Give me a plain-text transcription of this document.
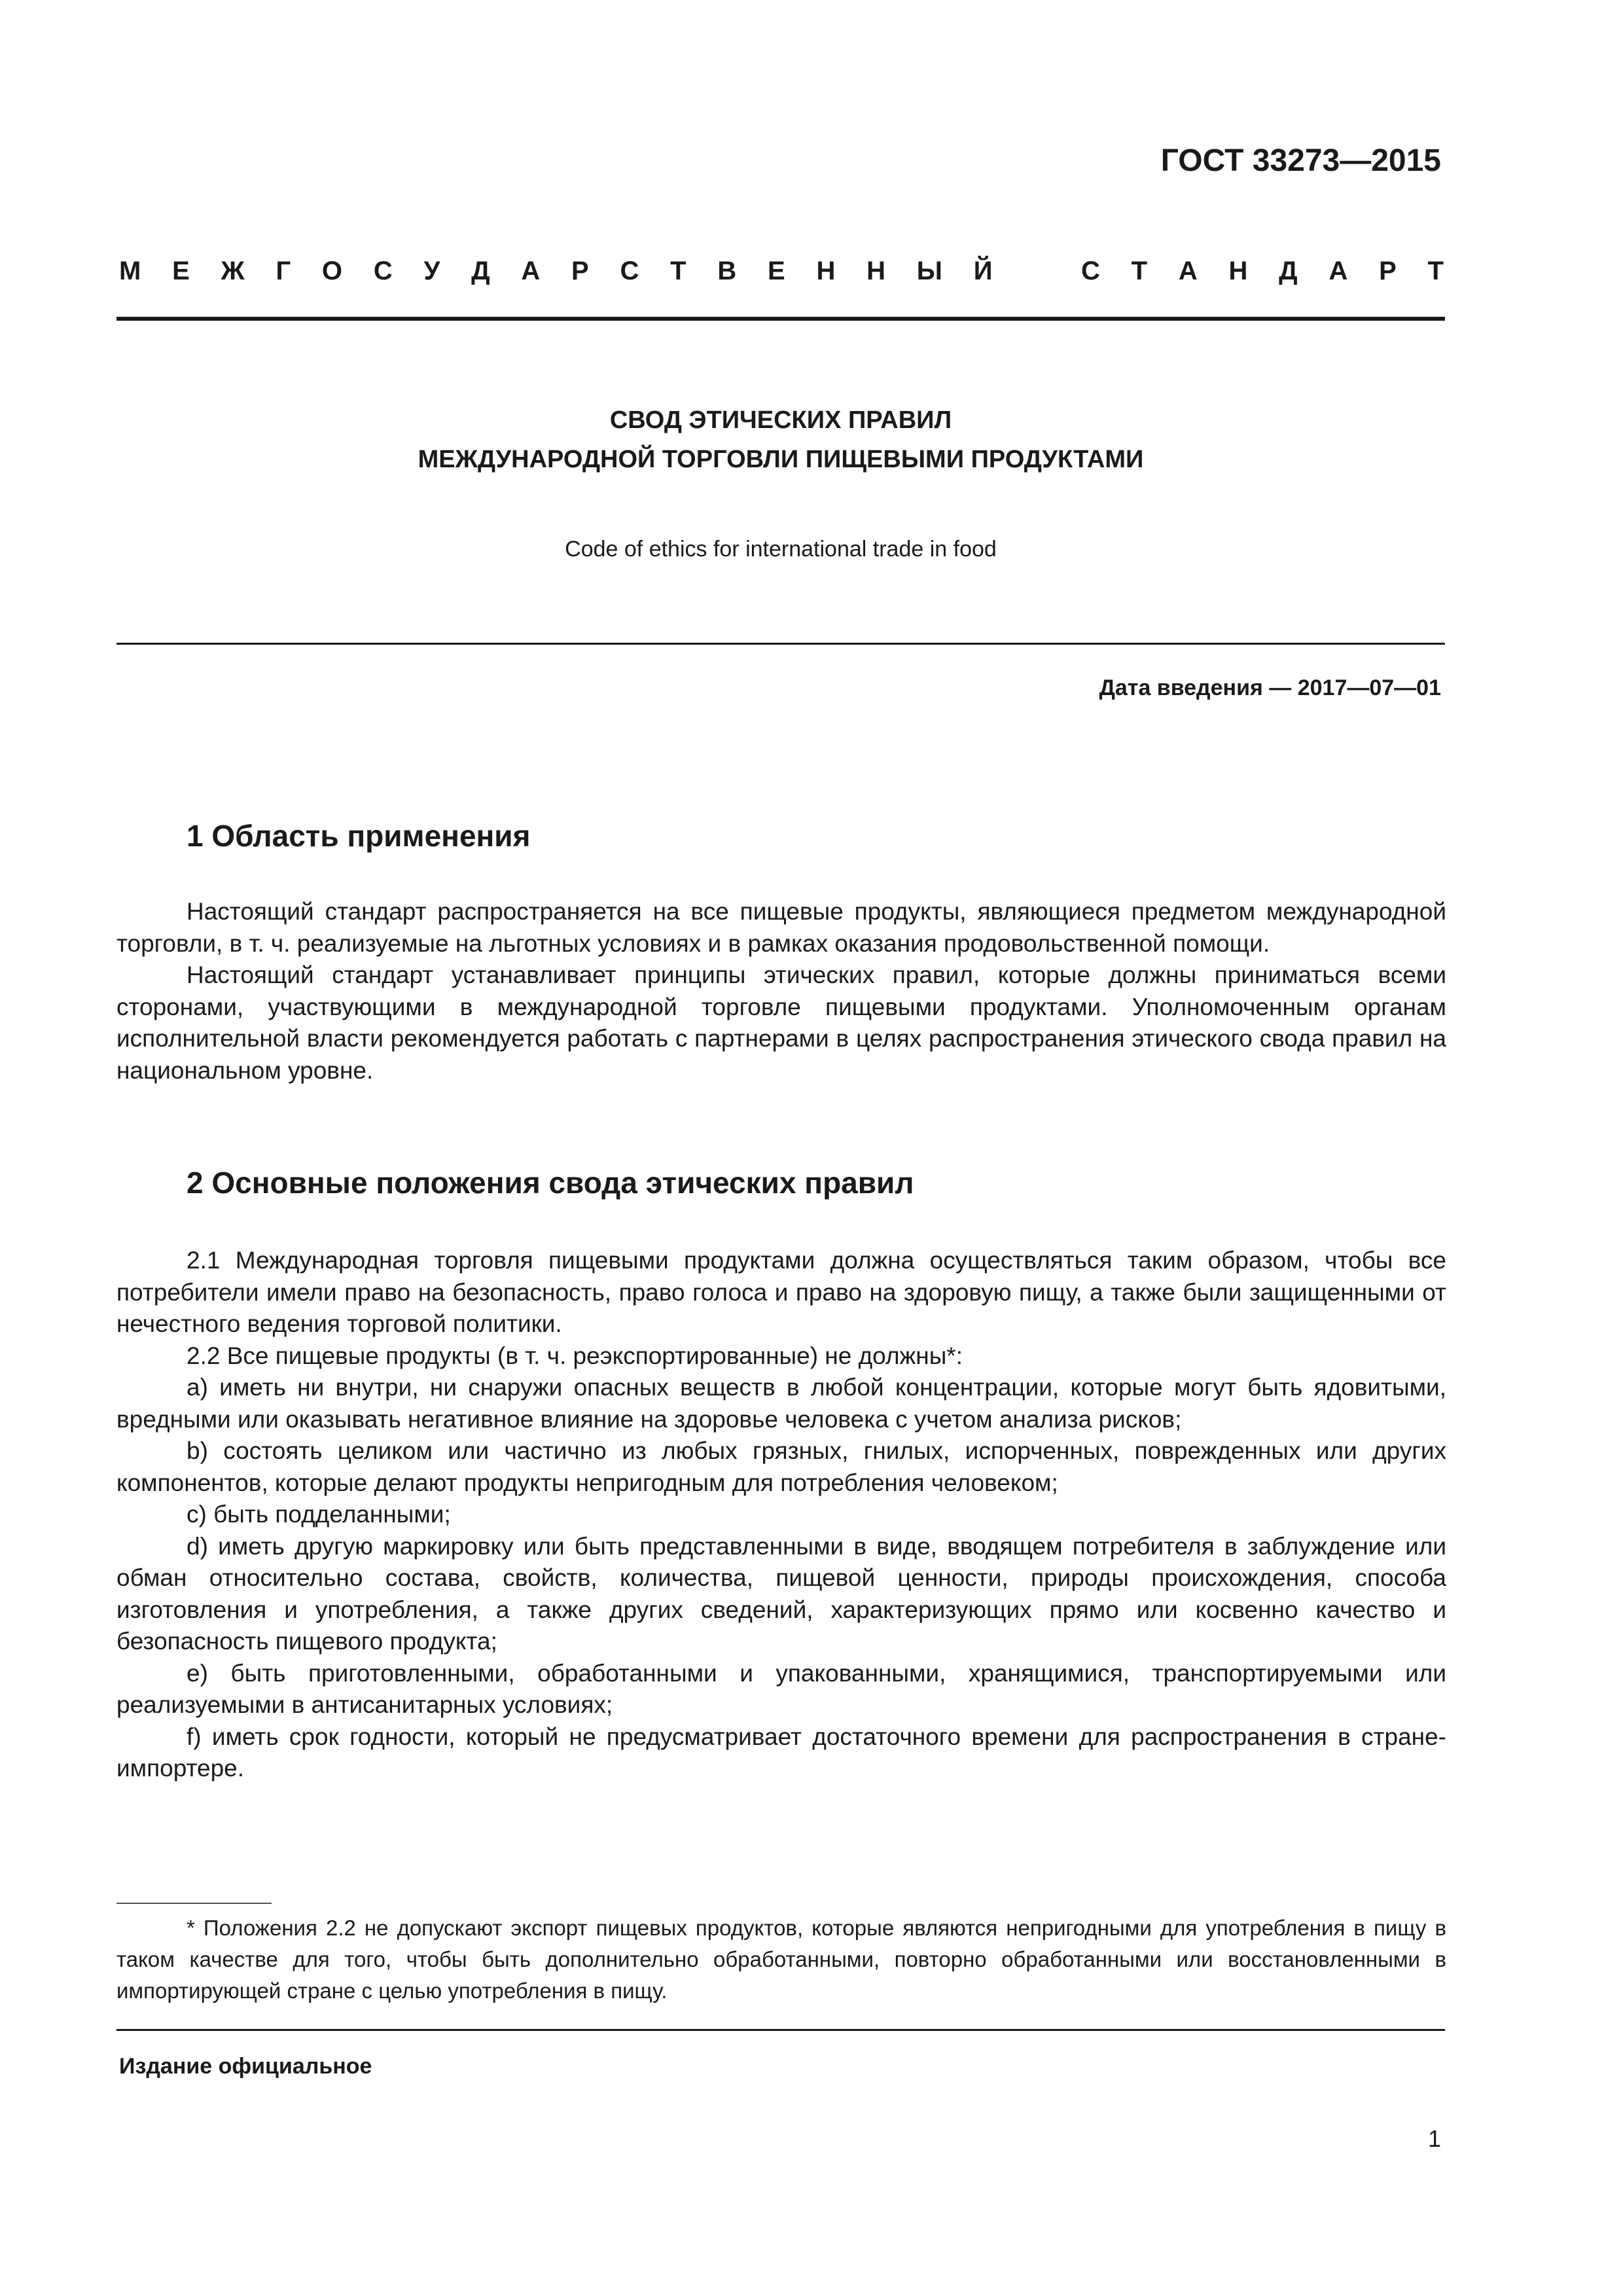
ГОСТ 33273—2015
М Е Ж Г О С У Д А Р С Т В Е Н Н Ы Й	С Т А Н Д А Р Т
СВОД ЭТИЧЕСКИХ ПРАВИЛ
МЕЖДУНАРОДНОЙ ТОРГОВЛИ ПИЩЕВЫМИ ПРОДУКТАМИ
Code of ethics for international trade in food
Дата введения — 2017—07—01
1 Область применения

Настоящий стандарт распространяется на все пищевые продукты, являющиеся предметом международной торговли, в т. ч. реализуемые на льготных условиях и в рамках оказания продовольственной помощи.

Настоящий стандарт устанавливает принципы этических правил, которые должны приниматься всеми сторонами, участвующими в международной торговле пищевыми продуктами. Уполномоченным органам исполнительной власти рекомендуется работать с партнерами в целях распространения этического свода правил на национальном уровне.

2 Основные положения свода этических правил

2.1 Международная торговля пищевыми продуктами должна осуществляться таким образом, чтобы все потребители имели право на безопасность, право голоса и право на здоровую пищу, а также были защищенными от нечестного ведения торговой политики.

2.2 Все пищевые продукты (в т. ч. реэкспортированные) не должны*:

a) иметь ни внутри, ни снаружи опасных веществ в любой концентрации, которые могут быть ядовитыми, вредными или оказывать негативное влияние на здоровье человека с учетом анализа рисков;

b) состоять целиком или частично из любых грязных, гнилых, испорченных, поврежденных или других компонентов, которые делают продукты непригодным для потребления человеком;

c) быть подделанными;

d) иметь другую маркировку или быть представленными в виде, вводящем потребителя в заблуждение или обман относительно состава, свойств, количества, пищевой ценности, природы происхождения, способа изготовления и употребления, а также других сведений, характеризующих прямо или косвенно качество и безопасность пищевого продукта;

e) быть приготовленными, обработанными и упакованными, хранящимися, транспортируемыми или реализуемыми в антисанитарных условиях;

f) иметь срок годности, который не предусматривает достаточного времени для распространения в стране-импортере.

* Положения 2.2 не допускают экспорт пищевых продуктов, которые являются непригодными для употребления в пищу в таком качестве для того, чтобы быть дополнительно обработанными, повторно обработанными или восстановленными в импортирующей стране с целью употребления в пищу.

Издание официальное
1
